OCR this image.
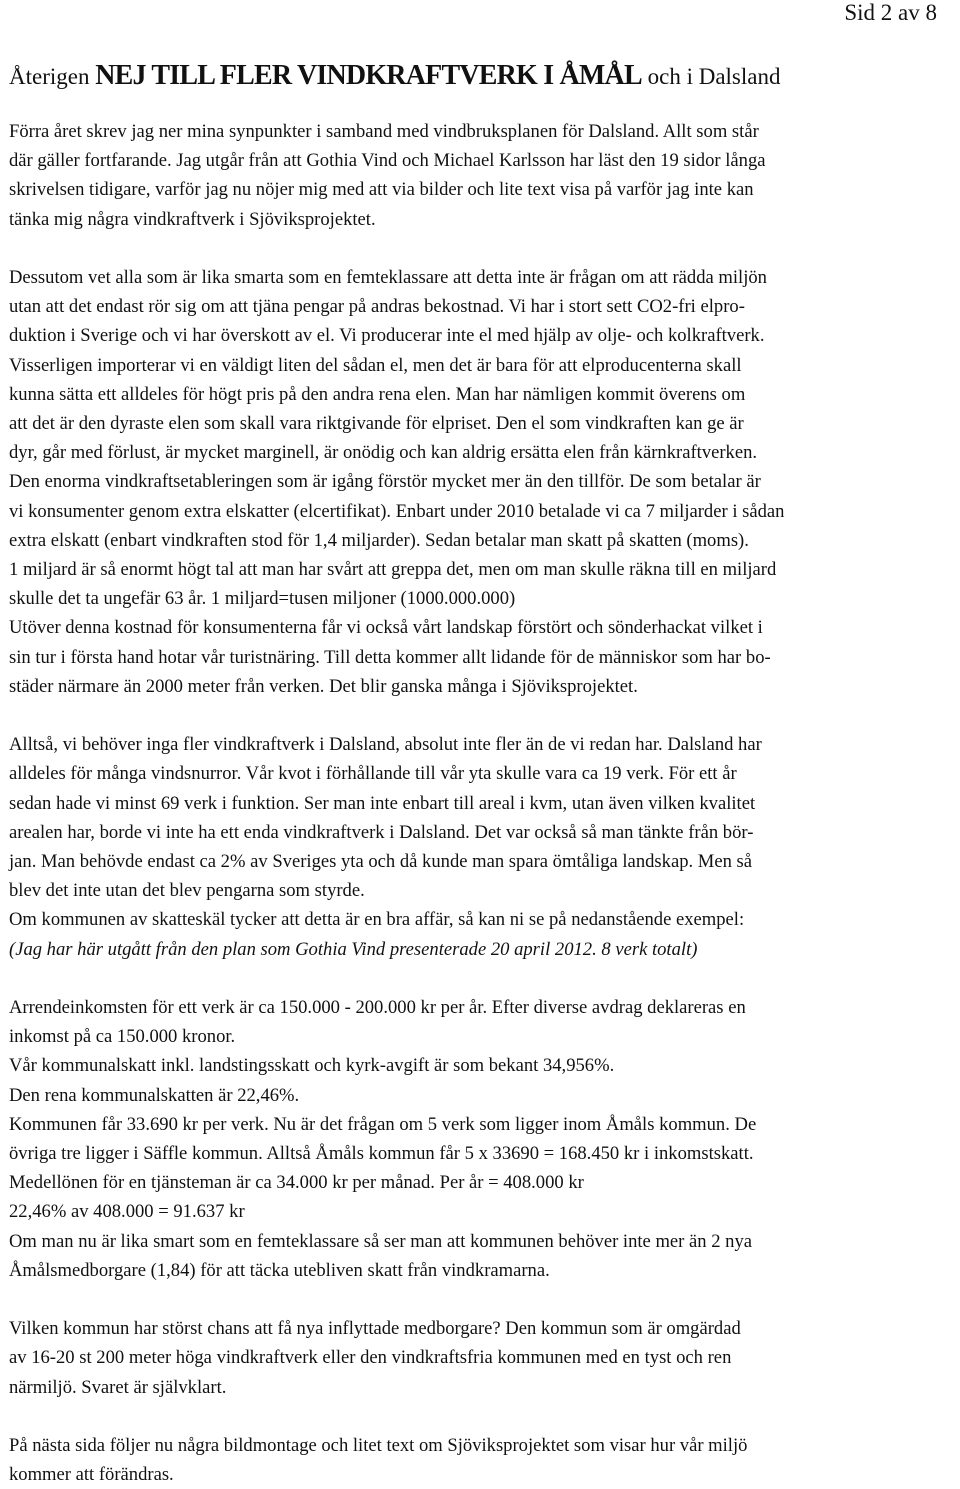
Sid 2 av 8

Återigen NEJ TILL FLER VINDKRAFTVERK I ÅMÅL och i Dalsland

Förra året skrev jag ner mina synpunkter i samband med vindbruksplanen för Dalsland. Allt som står
där gäller fortfarande. Jag utgår från att Gothia Vind och Michael Karlsson har läst den 19 sidor långa
skrivelsen tidigare, varför jag nu nöjer mig med att via bilder och lite text visa på varför jag inte kan
tänka mig några vindkraftverk i Sjöviksprojektet.

Dessutom vet alla som är lika smarta som en femteklassare att detta inte är frågan om att rädda miljön
utan att det endast rör sig om att tjäna pengar på andras bekostnad. Vi har i stort sett CO2-fri elpro-
duktion i Sverige och vi har överskott av el. Vi producerar inte el med hjälp av olje- och kolkraftverk.
Visserligen importerar vi en väldigt liten del sådan el, men det är bara för att elproducenterna skall
kunna sätta ett alldeles för högt pris på den andra rena elen. Man har nämligen kommit överens om
att det är den dyraste elen som skall vara riktgivande för elpriset. Den el som vindkraften kan ge är
dyr, går med förlust, är mycket marginell, är onödig och kan aldrig ersätta elen från kärnkraftverken.
Den enorma vindkraftsetableringen som är igång förstör mycket mer än den tillför. De som betalar är
vi konsumenter genom extra elskatter (elcertifikat). Enbart under 2010 betalade vi ca 7 miljarder i sådan
extra elskatt (enbart vindkraften stod för 1,4 miljarder). Sedan betalar man skatt på skatten (moms).
1 miljard är så enormt högt tal att man har svårt att greppa det, men om man skulle räkna till en miljard
skulle det ta ungefär 63 år. 1 miljard=tusen miljoner (1000.000.000)
Utöver denna kostnad för konsumenterna får vi också vårt landskap förstört och sönderhackat vilket i
sin tur i första hand hotar vår turistnäring. Till detta kommer allt lidande för de människor som har bo-
städer närmare än 2000 meter från verken. Det blir ganska många i Sjöviksprojektet.

Alltså, vi behöver inga fler vindkraftverk i Dalsland, absolut inte fler än de vi redan har. Dalsland har
alldeles för många vindsnurror. Vår kvot i förhållande till vår yta skulle vara ca 19 verk. För ett år
sedan hade vi minst 69 verk i funktion. Ser man inte enbart till areal i kvm, utan även vilken kvalitet
arealen har, borde vi inte ha ett enda vindkraftverk i Dalsland. Det var också så man tänkte från bör-
jan. Man behövde endast ca 2% av Sveriges yta och då kunde man spara ömtåliga landskap. Men så
blev det inte utan det blev pengarna som styrde.
Om kommunen av skatteskäl tycker att detta är en bra affär, så kan ni se på nedanstående exempel:
(Jag har här utgått från den plan som Gothia Vind presenterade 20 april 2012. 8 verk totalt)

Arrendeinkomsten för ett verk är ca 150.000 - 200.000 kr per år. Efter diverse avdrag deklareras en
inkomst på ca 150.000 kronor.
Vår kommunalskatt inkl. landstingsskatt och kyrk-avgift är som bekant 34,956%.
Den rena kommunalskatten är 22,46%.
Kommunen får 33.690 kr per verk. Nu är det frågan om 5 verk som ligger inom Åmåls kommun. De
övriga tre ligger i Säffle kommun. Alltså Åmåls kommun får 5 x 33690 = 168.450 kr i inkomstskatt.
Medellönen för en tjänsteman är ca 34.000 kr per månad. Per år = 408.000 kr
22,46% av 408.000 = 91.637 kr
Om man nu är lika smart som en femteklassare så ser man att kommunen behöver inte mer än 2 nya
Åmålsmedborgare (1,84) för att täcka utebliven skatt från vindkramarna.

Vilken kommun har störst chans att få nya inflyttade medborgare? Den kommun som är omgärdad
av 16-20 st 200 meter höga vindkraftverk eller den vindkraftsfria kommunen med en tyst och ren
närmiljö. Svaret är självklart.

På nästa sida följer nu några bildmontage och litet text om Sjöviksprojektet som visar hur vår miljö
kommer att förändras.
